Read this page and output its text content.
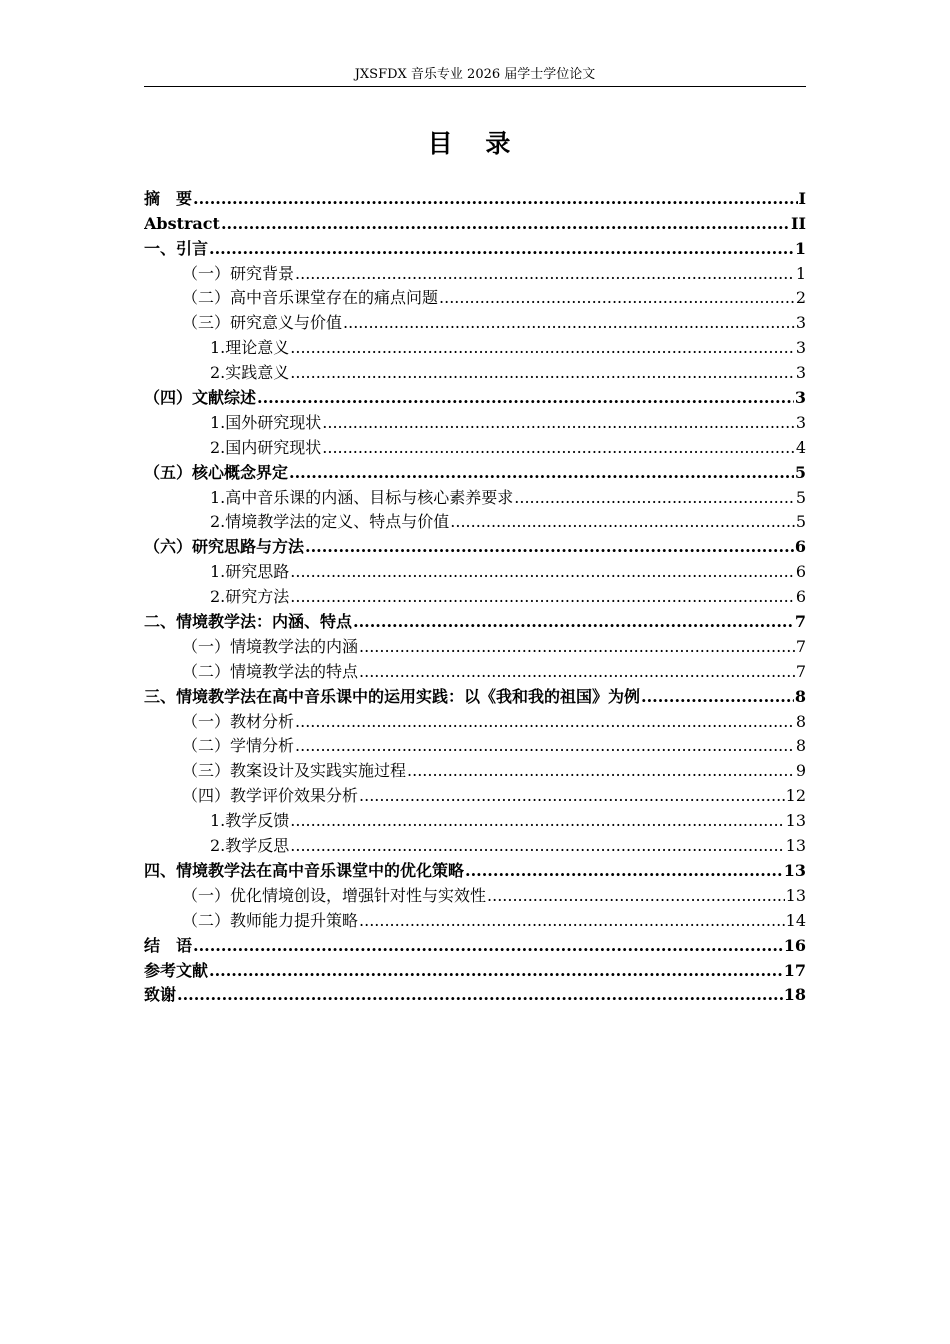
JXSFDX 音乐专业 2026 届学士学位论文
目 录
摘　要 .....	I
Abstract .....	II
一、引言 .....	1
（一）研究背景 .....	1
（二）高中音乐课堂存在的痛点问题 .....	2
（三）研究意义与价值 .....	3
1.理论意义 .....	3
2.实践意义 .....	3
（四）文献综述 .....	3
1.国外研究现状 .....	3
2.国内研究现状 .....	4
（五）核心概念界定 .....	5
1.高中音乐课的内涵、目标与核心素养要求 .....	5
2.情境教学法的定义、特点与价值 .....	5
（六）研究思路与方法 .....	6
1.研究思路 .....	6
2.研究方法 .....	6
二、情境教学法：内涵、特点 .....	7
（一）情境教学法的内涵 .....	7
（二）情境教学法的特点 .....	7
三、情境教学法在高中音乐课中的运用实践：以《我和我的祖国》为例 .....	8
（一）教材分析 .....	8
（二）学情分析 .....	8
（三）教案设计及实践实施过程 .....	9
（四）教学评价效果分析 .....	12
1.教学反馈 .....	13
2.教学反思 .....	13
四、情境教学法在高中音乐课堂中的优化策略 .....	13
（一）优化情境创设，增强针对性与实效性 .....	13
（二）教师能力提升策略 .....	14
结　语 .....	16
参考文献 .....	17
致谢 .....	18
